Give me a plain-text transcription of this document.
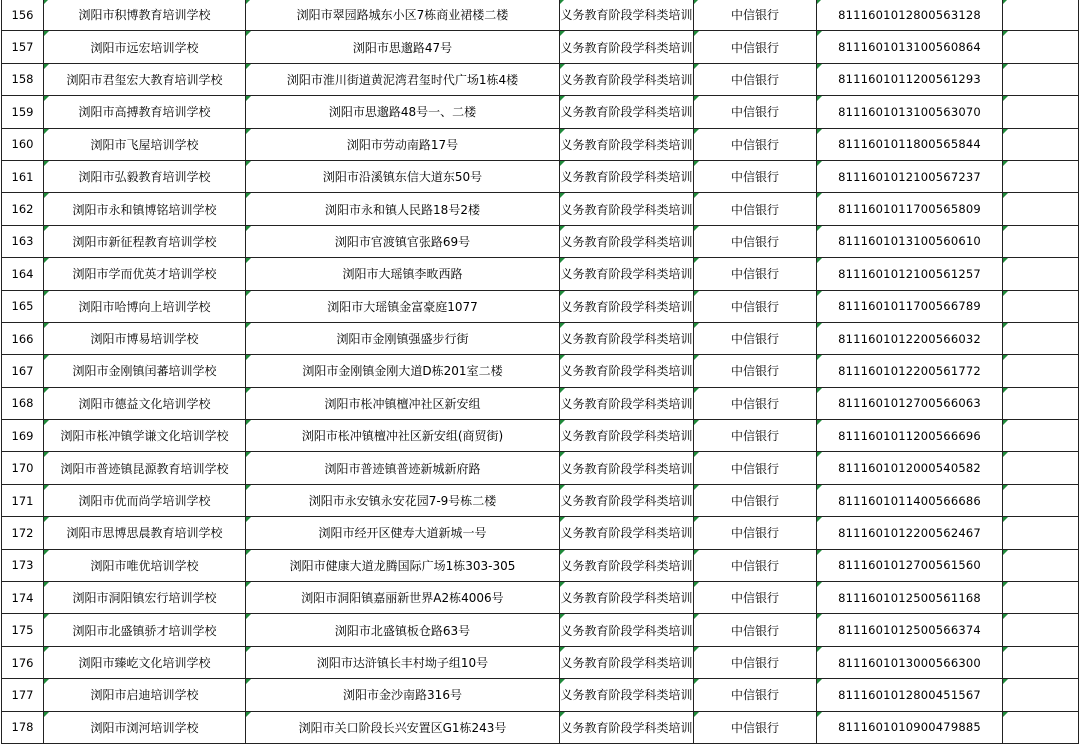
156	浏阳市积博教育培训学校	浏阳市翠园路城东小区7栋商业裙楼二楼	义务教育阶段学科类培训	中信银行	8111601012800563128	
157	浏阳市远宏培训学校	浏阳市思邈路47号	义务教育阶段学科类培训	中信银行	8111601013100560864	
158	浏阳市君玺宏大教育培训学校	浏阳市淮川街道黄泥湾君玺时代广场1栋4楼	义务教育阶段学科类培训	中信银行	8111601011200561293	
159	浏阳市高搏教育培训学校	浏阳市思邈路48号一、二楼	义务教育阶段学科类培训	中信银行	8111601013100563070	
160	浏阳市飞屋培训学校	浏阳市劳动南路17号	义务教育阶段学科类培训	中信银行	8111601011800565844	
161	浏阳市弘毅教育培训学校	浏阳市沿溪镇东信大道东50号	义务教育阶段学科类培训	中信银行	8111601012100567237	
162	浏阳市永和镇博铭培训学校	浏阳市永和镇人民路18号2楼	义务教育阶段学科类培训	中信银行	8111601011700565809	
163	浏阳市新征程教育培训学校	浏阳市官渡镇官张路69号	义务教育阶段学科类培训	中信银行	8111601013100560610	
164	浏阳市学而优英才培训学校	浏阳市大瑶镇李畋西路	义务教育阶段学科类培训	中信银行	8111601012100561257	
165	浏阳市哈博向上培训学校	浏阳市大瑶镇金富豪庭1077	义务教育阶段学科类培训	中信银行	8111601011700566789	
166	浏阳市博易培训学校	浏阳市金刚镇强盛步行街	义务教育阶段学科类培训	中信银行	8111601012200566032	
167	浏阳市金刚镇闰蕃培训学校	浏阳市金刚镇金刚大道D栋201室二楼	义务教育阶段学科类培训	中信银行	8111601012200561772	
168	浏阳市德益文化培训学校	浏阳市枨冲镇檀冲社区新安组	义务教育阶段学科类培训	中信银行	8111601012700566063	
169	浏阳市枨冲镇学谦文化培训学校	浏阳市枨冲镇檀冲社区新安组(商贸街)	义务教育阶段学科类培训	中信银行	8111601011200566696	
170	浏阳市普迹镇昆源教育培训学校	浏阳市普迹镇普迹新城新府路	义务教育阶段学科类培训	中信银行	8111601012000540582	
171	浏阳市优而尚学培训学校	浏阳市永安镇永安花园7-9号栋二楼	义务教育阶段学科类培训	中信银行	8111601011400566686	
172	浏阳市思博思晨教育培训学校	浏阳市经开区健寿大道新城一号	义务教育阶段学科类培训	中信银行	8111601012200562467	
173	浏阳市唯优培训学校	浏阳市健康大道龙腾国际广场1栋303-305	义务教育阶段学科类培训	中信银行	8111601012700561560	
174	浏阳市洞阳镇宏行培训学校	浏阳市洞阳镇嘉丽新世界A2栋4006号	义务教育阶段学科类培训	中信银行	8111601012500561168	
175	浏阳市北盛镇骄才培训学校	浏阳市北盛镇板仓路63号	义务教育阶段学科类培训	中信银行	8111601012500566374	
176	浏阳市臻屹文化培训学校	浏阳市达浒镇长丰村坳子组10号	义务教育阶段学科类培训	中信银行	8111601013000566300	
177	浏阳市启迪培训学校	浏阳市金沙南路316号	义务教育阶段学科类培训	中信银行	8111601012800451567	
178	浏阳市浏河培训学校	浏阳市关口阶段长兴安置区G1栋243号	义务教育阶段学科类培训	中信银行	8111601010900479885	
